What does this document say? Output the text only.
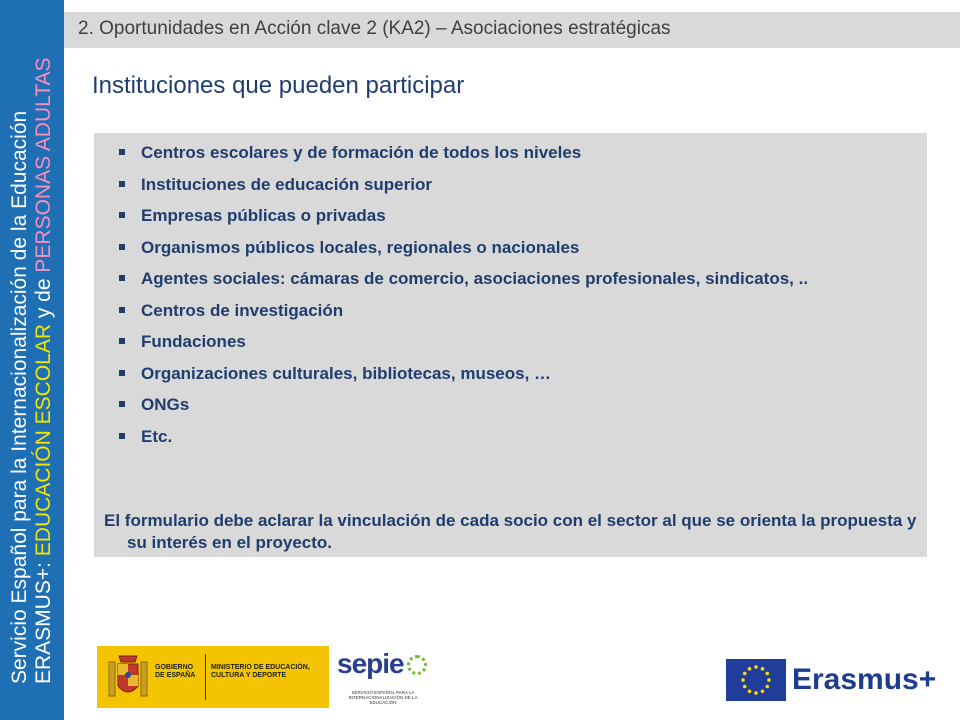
Servicio Español para la Internacionalización de la Educación ERASMUS+: EDUCACIÓN ESCOLAR y de PERSONAS ADULTAS
2. Oportunidades en Acción clave 2 (KA2) – Asociaciones estratégicas
Instituciones que pueden participar
Centros escolares y de formación de todos los niveles
Instituciones de educación superior
Empresas públicas o privadas
Organismos públicos locales, regionales o nacionales
Agentes sociales: cámaras de comercio, asociaciones profesionales, sindicatos, ..
Centros de investigación
Fundaciones
Organizaciones culturales, bibliotecas, museos, …
ONGs
Etc.

El formulario debe aclarar la vinculación de cada socio con el sector al que se orienta la propuesta y su interés en el proyecto.

GOBIERNO DE ESPAÑA
MINISTERIO DE EDUCACIÓN, CULTURA Y DEPORTE	sepie
SERVICIO ESPAÑOL PARA LA INTERNACIONALIZACIÓN DE LA EDUCACIÓN
Erasmus+
